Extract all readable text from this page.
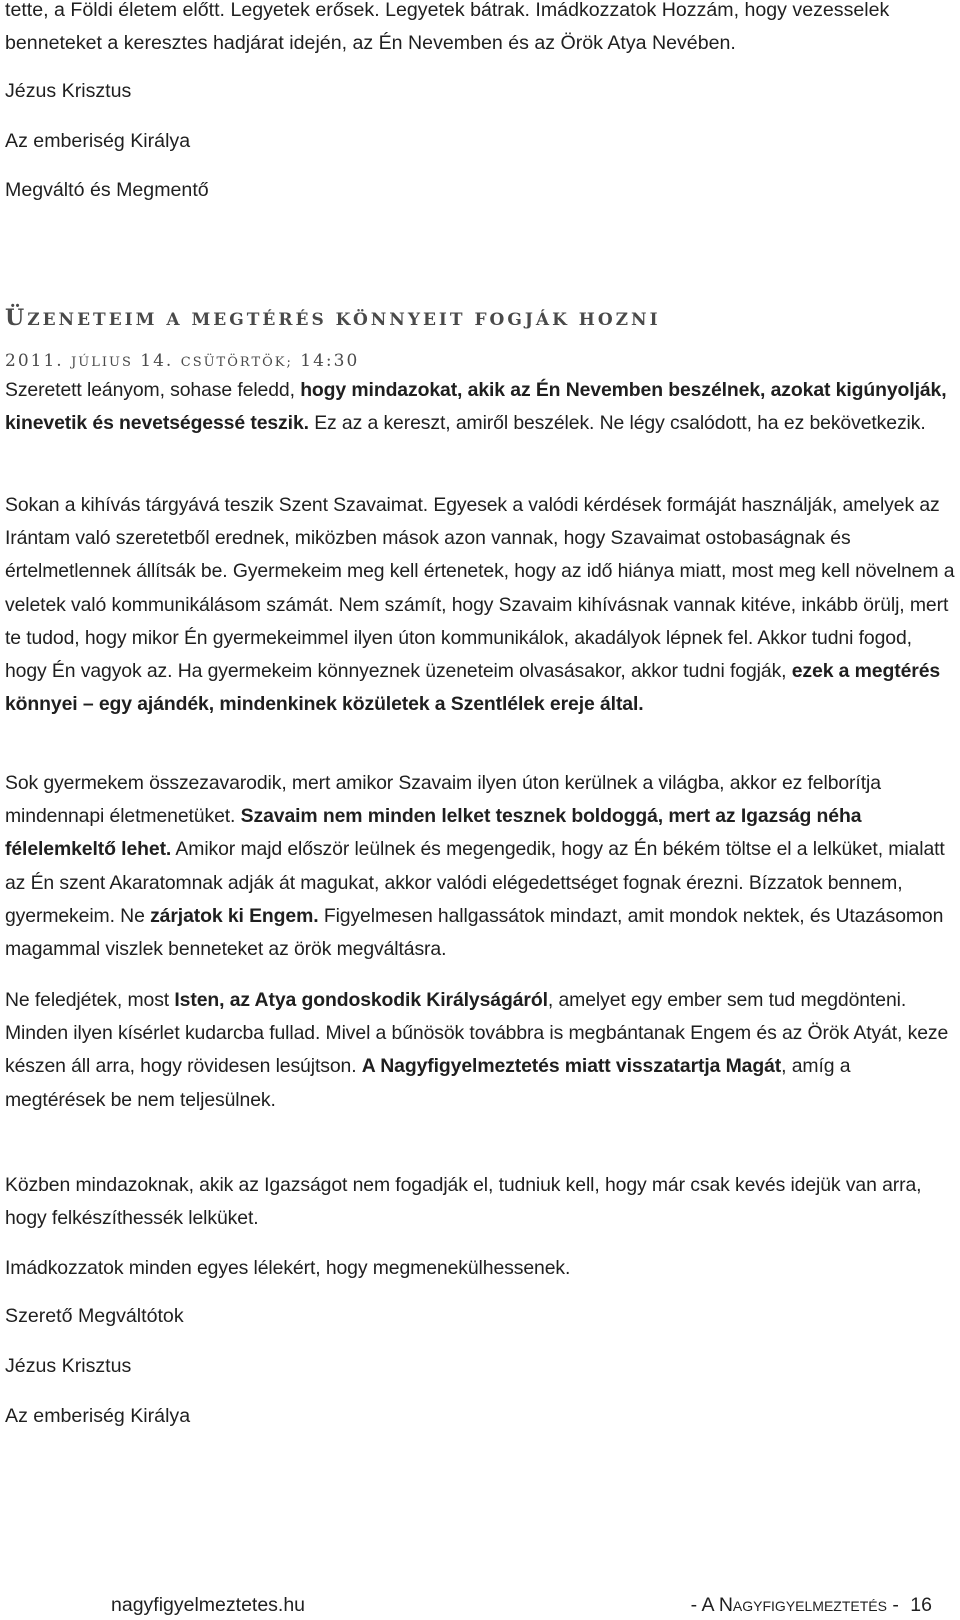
tette, a Földi életem előtt. Legyetek erősek. Legyetek bátrak. Imádkozzatok Hozzám, hogy vezesselek
benneteket a keresztes hadjárat idején, az Én Nevemben és az Örök Atya Nevében.

Jézus Krisztus

Az emberiség Királya

Megváltó és Megmentő

ÜZENETEIM A MEGTÉRÉS KÖNNYEIT FOGJÁK HOZNI

2011. JÚLIUS 14. CSÜTÖRTÖK; 14:30

Szeretett leányom, sohase feledd, hogy mindazokat, akik az Én Nevemben beszélnek, azokat kigúnyolják, kinevetik és nevetségessé teszik. Ez az a kereszt, amiről beszélek. Ne légy csalódott, ha ez bekövetkezik.

Sokan a kihívás tárgyává teszik Szent Szavaimat. Egyesek a valódi kérdések formáját használják, amelyek az Irántam való szeretetből erednek, miközben mások azon vannak, hogy Szavaimat ostobaságnak és értelmetlennek állítsák be. Gyermekeim meg kell értenetek, hogy az idő hiánya miatt, most meg kell növelnem a veletek való kommunikálásom számát. Nem számít, hogy Szavaim kihívásnak vannak kitéve, inkább örülj, mert te tudod, hogy mikor Én gyermekeimmel ilyen úton kommunikálok, akadályok lépnek fel. Akkor tudni fogod, hogy Én vagyok az. Ha gyermekeim könnyeznek üzeneteim olvasásakor, akkor tudni fogják, ezek a megtérés könnyei – egy ajándék, mindenkinek közületek a Szentlélek ereje által.

Sok gyermekem összezavarodik, mert amikor Szavaim ilyen úton kerülnek a világba, akkor ez felborítja mindennapi életmenetüket. Szavaim nem minden lelket tesznek boldoggá, mert az Igazság néha félelemkeltő lehet. Amikor majd először leülnek és megengedik, hogy az Én békém töltse el a lelküket, mialatt az Én szent Akaratomnak adják át magukat, akkor valódi elégedettséget fognak érezni. Bízzatok bennem, gyermekeim. Ne zárjatok ki Engem. Figyelmesen hallgassátok mindazt, amit mondok nektek, és Utazásomon magammal viszlek benneteket az örök megváltásra.

Ne feledjétek, most Isten, az Atya gondoskodik Királyságáról, amelyet egy ember sem tud megdönteni. Minden ilyen kísérlet kudarcba fullad. Mivel a bűnösök továbbra is megbántanak Engem és az Örök Atyát, keze készen áll arra, hogy rövidesen lesújtson. A Nagyfigyelmeztetés miatt visszatartja Magát, amíg a megtérések be nem teljesülnek.

Közben mindazoknak, akik az Igazságot nem fogadják el, tudniuk kell, hogy már csak kevés idejük van arra, hogy felkészíthessék lelküket.

Imádkozzatok minden egyes lélekért, hogy megmenekülhessenek.

Szerető Megváltótok

Jézus Krisztus

Az emberiség Királya

nagyfigyelmeztetes.hu	- A NAGYFIGYELMEZTETÉS - 16
